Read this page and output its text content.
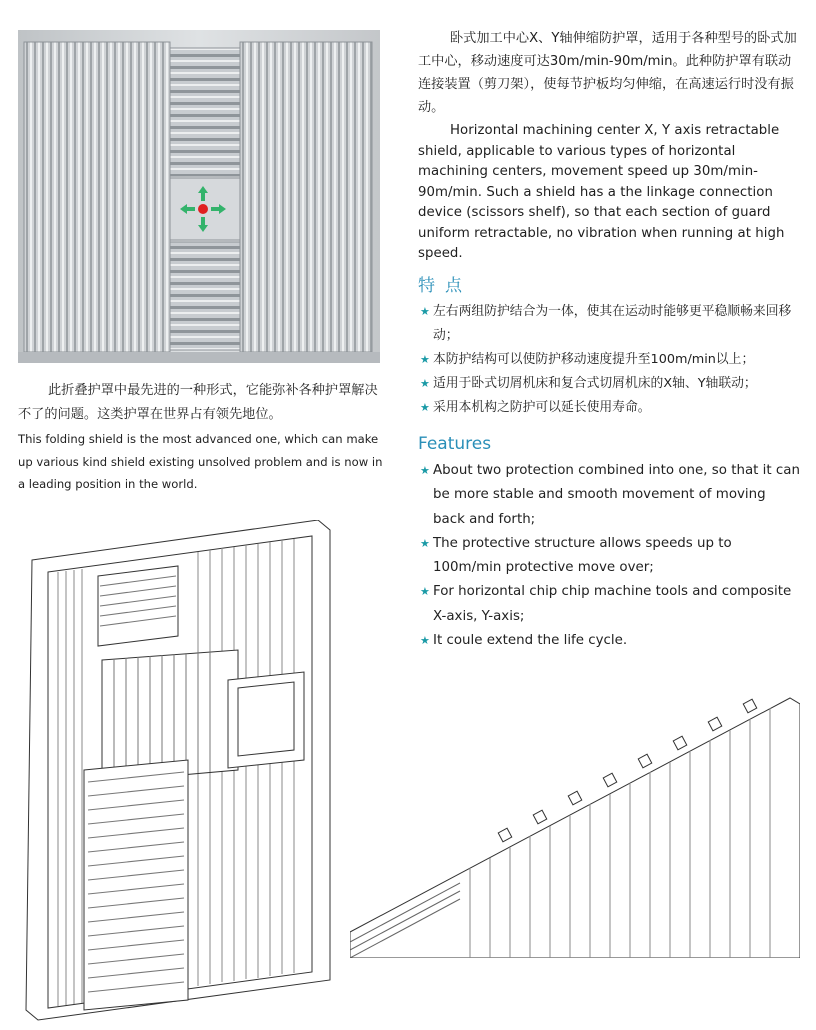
卧式加工中心X、Y轴伸缩防护罩，适用于各种型号的卧式加工中心，移动速度可达30m/min-90m/min。此种防护罩有联动连接装置（剪刀架），使每节护板均匀伸缩，在高速运行时没有振动。
Horizontal machining center X, Y axis retractable shield, applicable to various types of horizontal machining centers, movement speed up 30m/min-90m/min. Such a shield has a the linkage connection device (scissors shelf), so that each section of guard uniform retractable, no vibration when running at high speed.
特点
★ 左右两组防护结合为一体，使其在运动时能够更平稳顺畅来回移动；
★ 本防护结构可以使防护移动速度提升至100m/min以上；
★ 适用于卧式切屑机床和复合式切屑机床的X轴、Y轴联动；
★ 采用本机构之防护可以延长使用寿命。
Features
★ About two protection combined into one, so that it can be more stable and smooth movement of moving back and forth;
★ The protective structure allows speeds up to 100m/min protective move over;
★ For horizontal chip chip machine tools and composite X-axis, Y-axis;
★ It coule extend the life cycle.
此折叠护罩中最先进的一种形式，它能弥补各种护罩解决不了的问题。这类护罩在世界占有领先地位。
This folding shield is the most advanced one, which can make up various kind shield existing unsolved problem and is now in a leading position in the world.
